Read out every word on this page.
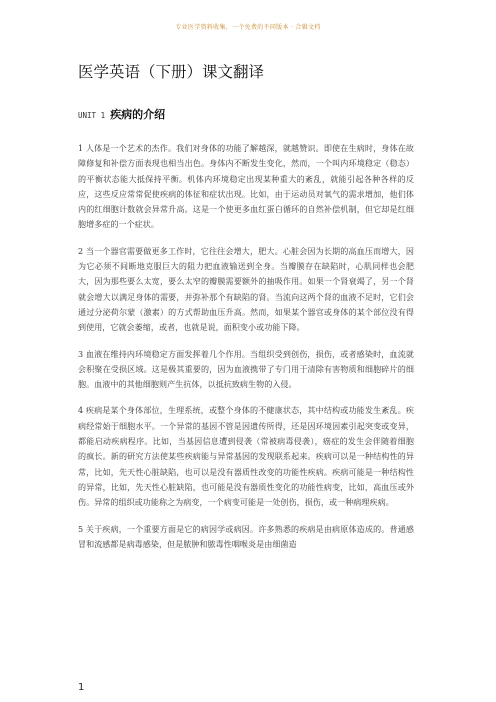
专业医学资料收集，一个免费的不同版本 · 合辑文档
医学英语（下册）课文翻译
UNIT 1 疾病的介绍

1 人体是一个艺术的杰作。我们对身体的功能了解越深，就越赞识。即使在生病时，身体在故障修复和补偿方面表现也相当出色。身体内不断发生变化，然而，一个叫内环境稳定（稳态）的平衡状态能大抵保持平衡。机体内环境稳定出现某种重大的紊乱，就能引起各种各样的反应，这些反应常常促使疾病的体征和症状出现。比如，由于运动员对氧气的需求增加，他们体内的红细胞计数就会异常升高。这是一个使更多血红蛋白循环的自然补偿机制，但它却是红细胞增多症的一个症状。

2 当一个器官需要做更多工作时，它往往会增大，肥大。心脏会因为长期的高血压而增大，因为它必须不间断地克服巨大的阻力把血液输送到全身。当瓣膜存在缺陷时，心肌同样也会肥大，因为那些要么太宽，要么太窄的瓣膜需要额外的抽吸作用。如果一个肾衰竭了，另一个肾就会增大以满足身体的需要，并弥补那个有缺陷的肾。当流向这两个肾的血液不足时，它们会通过分泌荷尔蒙（激素）的方式帮助血压升高。然而，如果某个器官或身体的某个部位没有得到使用，它就会萎缩，或者，也就是说，面积变小或功能下降。

3 血液在维持内环境稳定方面发挥着几个作用。当组织受到创伤，损伤，或者感染时，血流就会积聚在受损区域。这是极其重要的，因为血液携带了专门用于清除有害物质和细胞碎片的细胞。血液中的其他细胞则产生抗体，以抵抗致病生物的入侵。

4 疾病是某个身体部位，生理系统，或整个身体的不健康状态，其中结构或功能发生紊乱。疾病经常始于细胞水平。一个异常的基因不管是因遗传所得，还是因环境因素引起突变或变异，都能启动疾病程序。比如，当基因信息遭到侵袭（常被病毒侵袭），癌症的发生会伴随着细胞的疯长。新的研究方法使某些疾病能与异常基因的发现联系起来。疾病可以是一种结构性的异常，比如，先天性心脏缺陷，也可以是没有器质性改变的功能性疾病。疾病可能是一种结构性的异常，比如，先天性心脏缺陷，也可能是没有器质性变化的功能性病变，比如，高血压或外伤。异常的组织或功能称之为病变，一个病变可能是一处创伤，损伤，或一种病理疾病。

5 关于疾病，一个重要方面是它的病因学或病因。许多熟悉的疾病是由病原体造成的。普通感冒和流感都是病毒感染，但是脓肿和脓毒性咽喉炎是由细菌造

1
